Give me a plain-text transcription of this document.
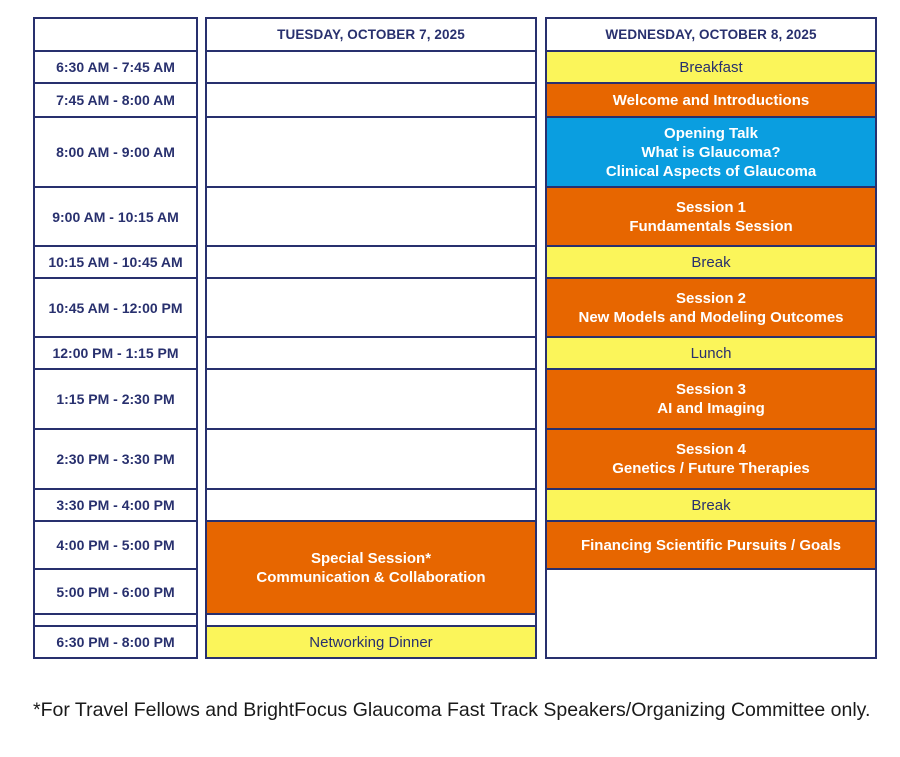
TUESDAY, OCTOBER 7, 2025	WEDNESDAY, OCTOBER 8, 2025
6:30 AM - 7:45 AM
7:45 AM - 8:00 AM
8:00 AM - 9:00 AM
9:00 AM - 10:15 AM
10:15 AM - 10:45 AM
10:45 AM - 12:00 PM
12:00 PM - 1:15 PM
1:15 PM - 2:30 PM
2:30 PM - 3:30 PM
3:30 PM - 4:00 PM
4:00 PM - 5:00 PM
5:00 PM - 6:00 PM
6:30 PM - 8:00 PM
Special Session*
Communication & Collaboration
Networking Dinner
Breakfast
Welcome and Introductions
Opening Talk
What is Glaucoma?
Clinical Aspects of Glaucoma
Session 1
Fundamentals Session
Break
Session 2
New Models and Modeling Outcomes
Lunch
Session 3
AI and Imaging
Session 4
Genetics / Future Therapies
Break
Financing Scientific Pursuits / Goals
*For Travel Fellows and BrightFocus Glaucoma Fast Track Speakers/Organizing Committee only.
